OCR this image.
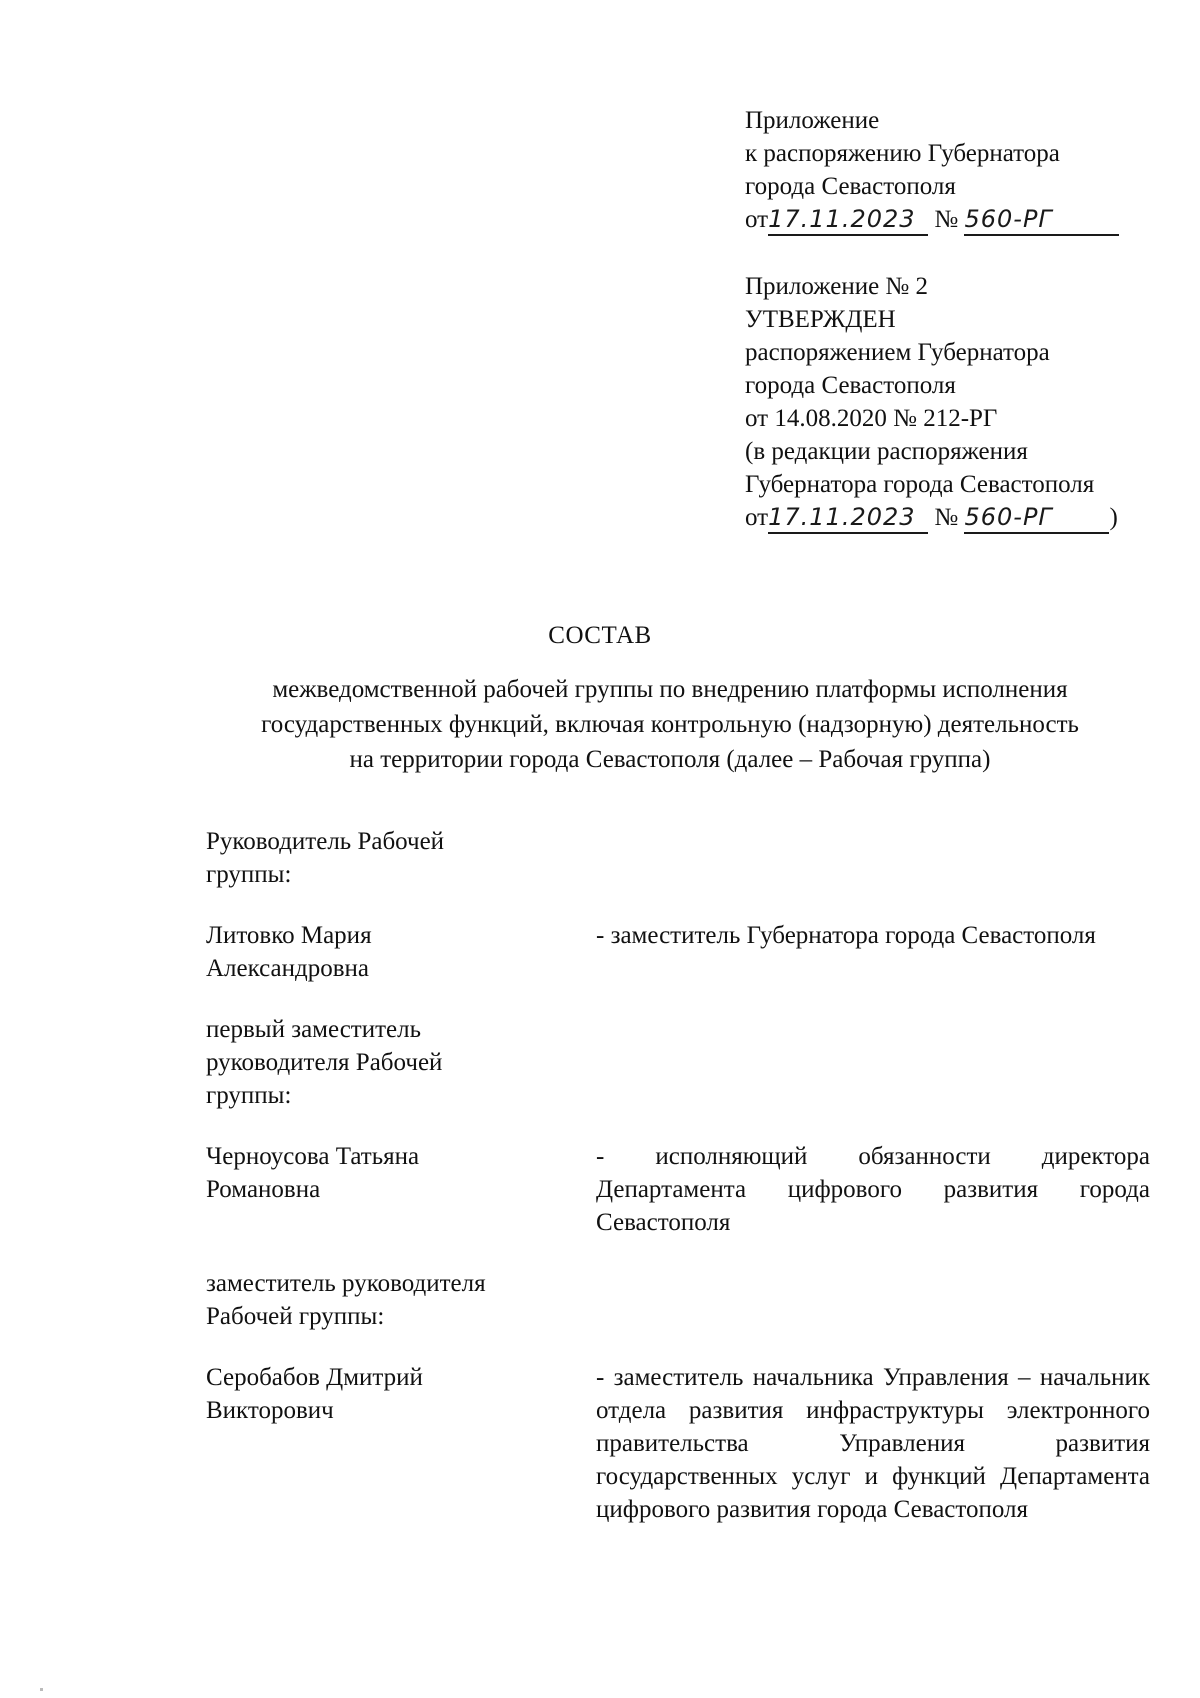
Приложение
к распоряжению Губернатора
города Севастополя
от17.11.2023 № 560-РГ
Приложение № 2
УТВЕРЖДЕН
распоряжением Губернатора
города Севастополя
от 14.08.2020 № 212-РГ
(в редакции распоряжения
Губернатора города Севастополя
от17.11.2023 № 560-РГ )
СОСТАВ
межведомственной рабочей группы по внедрению платформы исполнения
государственных функций, включая контрольную (надзорную) деятельность
на территории города Севастополя (далее – Рабочая группа)
Руководитель Рабочей
группы:
Литовко Мария
Александровна
- заместитель Губернатора города Севастополя
первый заместитель
руководителя Рабочей
группы:
Черноусова Татьяна
Романовна
- исполняющий обязанности директора Департамента цифрового развития города Севастополя
заместитель руководителя
Рабочей группы:
Серобабов Дмитрий
Викторович
- заместитель начальника Управления – начальник отдела развития инфраструктуры электронного правительства Управления развития государственных услуг и функций Департамента цифрового развития города Севастополя
